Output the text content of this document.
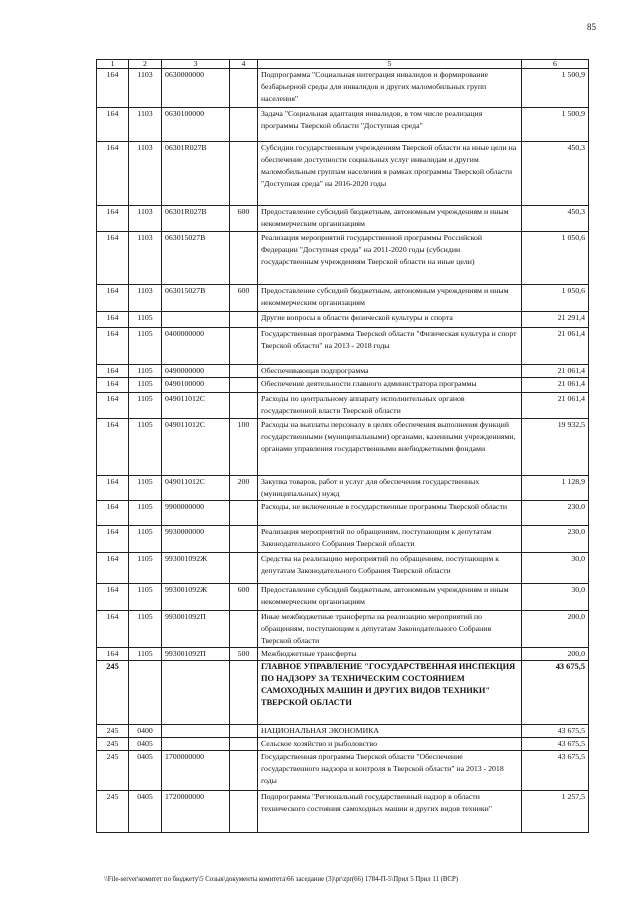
85
1	2	3	4	5	6
164	1103	0630000000		Подпрограмма "Социальная интеграция инвалидов и формирование безбарьерной среды для инвалидов и других маломобильных групп населения"	1 500,9
164	1103	0630100000		Задача "Социальная адаптация инвалидов, в том числе реализация программы Тверской области "Доступная среда"	1 500,9
164	1103	06301R027В		Субсидии государственным учреждениям Тверской области на иные цели на обеспечение доступности социальных услуг инвалидам и другим маломобильным группам населения в рамках программы Тверской области "Доступная среда" на 2016-2020 годы	450,3
164	1103	06301R027В	600	Предоставление субсидий бюджетным, автономным учреждениям и иным некоммерческим организациям	450,3
164	1103	063015027В		Реализация мероприятий государственной программы Российской Федерации "Доступная среда" на 2011-2020 годы (субсидии государственным учреждениям Тверской области на иные цели)	1 050,6
164	1103	063015027В	600	Предоставление субсидий бюджетным, автономным учреждениям и иным некоммерческим организациям	1 050,6
164	1105			Другие вопросы в области физической культуры и спорта	21 291,4
164	1105	0400000000		Государственная программа Тверской области "Физическая культура и спорт Тверской области" на 2013 - 2018 годы	21 061,4
164	1105	0490000000		Обеспечивающая подпрограмма	21 061,4
164	1105	0490100000		Обеспечение деятельности главного администратора программы	21 061,4
164	1105	049011012С		Расходы по центральному аппарату исполнительных органов государственной власти Тверской области	21 061,4
164	1105	049011012С	100	Расходы на выплаты персоналу в целях обеспечения выполнения функций государственными (муниципальными) органами, казенными учреждениями, органами управления государственными внебюджетными фондами	19 932,5
164	1105	049011012С	200	Закупка товаров, работ и услуг для обеспечения государственных (муниципальных) нужд	1 128,9
164	1105	9900000000		Расходы, не включенные в государственные программы Тверской области	230,0
164	1105	9930000000		Реализация мероприятий по обращениям, поступающим к депутатам Законодательного Собрания Тверской области	230,0
164	1105	993001092Ж		Средства на реализацию мероприятий по обращениям, поступающим к депутатам Законодательного Собрания Тверской области	30,0
164	1105	993001092Ж	600	Предоставление субсидий бюджетным, автономным учреждениям и иным некоммерческим организациям	30,0
164	1105	993001092П		Иные межбюджетные трансферты на реализацию мероприятий по обращениям, поступающим к депутатам Законодательного Собрания Тверской области	200,0
164	1105	993001092П	500	Межбюджетные трансферты	200,0
245				ГЛАВНОЕ УПРАВЛЕНИЕ "ГОСУДАРСТВЕННАЯ ИНСПЕКЦИЯ ПО НАДЗОРУ ЗА ТЕХНИЧЕСКИМ СОСТОЯНИЕМ САМОХОДНЫХ МАШИН И ДРУГИХ ВИДОВ ТЕХНИКИ" ТВЕРСКОЙ ОБЛАСТИ	43 675,5
245	0400			НАЦИОНАЛЬНАЯ ЭКОНОМИКА	43 675,5
245	0405			Сельское хозяйство и рыболовство	43 675,5
245	0405	1700000000		Государственная программа Тверской области "Обеспечение государственного надзора и контроля в Тверской области" на 2013 - 2018 годы	43 675,5
245	0405	1720000000		Подпрограмма "Региональный государственный надзор в области технического состояния самоходных машин и других видов техники"	1 257,5
\\File-server\комитет по бюджету\5 Созыв\документы комитета\66 заседание (3)\pr\zpr(66) 1784-П-5\Прил 5 Прил 11 (ВСР)
